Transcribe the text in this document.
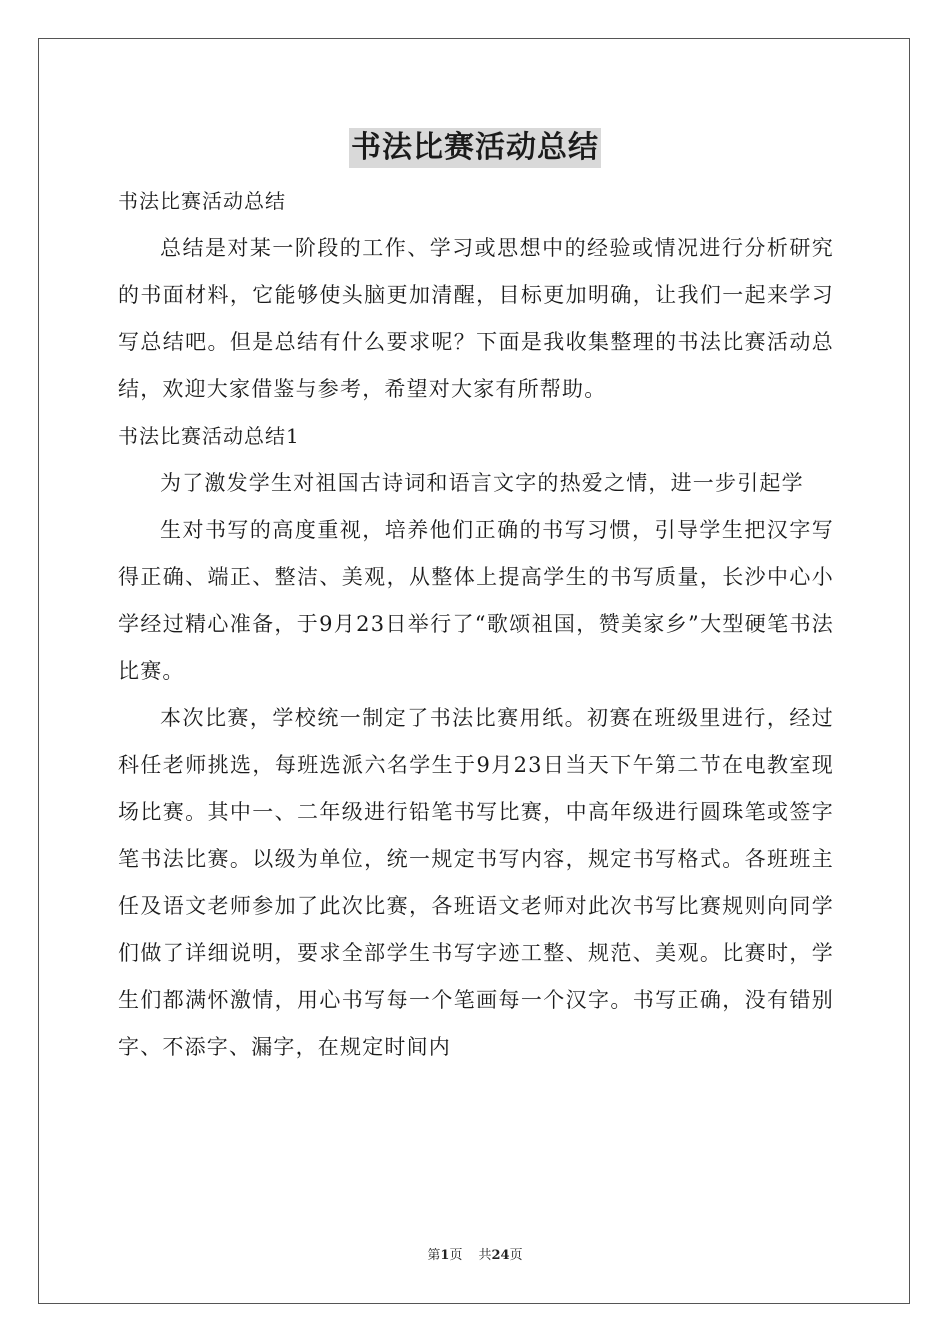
书法比赛活动总结

书法比赛活动总结

总结是对某一阶段的工作、学习或思想中的经验或情况进行分析研究的书面材料，它能够使头脑更加清醒，目标更加明确，让我们一起来学习写总结吧。但是总结有什么要求呢？下面是我收集整理的书法比赛活动总结，欢迎大家借鉴与参考，希望对大家有所帮助。

书法比赛活动总结1

为了激发学生对祖国古诗词和语言文字的热爱之情，进一步引起学

生对书写的高度重视，培养他们正确的书写习惯，引导学生把汉字写得正确、端正、整洁、美观，从整体上提高学生的书写质量，长沙中心小学经过精心准备，于9月23日举行了“歌颂祖国，赞美家乡”大型硬笔书法比赛。

本次比赛，学校统一制定了书法比赛用纸。初赛在班级里进行，经过科任老师挑选，每班选派六名学生于9月23日当天下午第二节在电教室现场比赛。其中一、二年级进行铅笔书写比赛，中高年级进行圆珠笔或签字笔书法比赛。以级为单位，统一规定书写内容，规定书写格式。各班班主任及语文老师参加了此次比赛，各班语文老师对此次书写比赛规则向同学们做了详细说明，要求全部学生书写字迹工整、规范、美观。比赛时，学生们都满怀激情，用心书写每一个笔画每一个汉字。书写正确，没有错别字、不添字、漏字，在规定时间内

第1页 共24页
